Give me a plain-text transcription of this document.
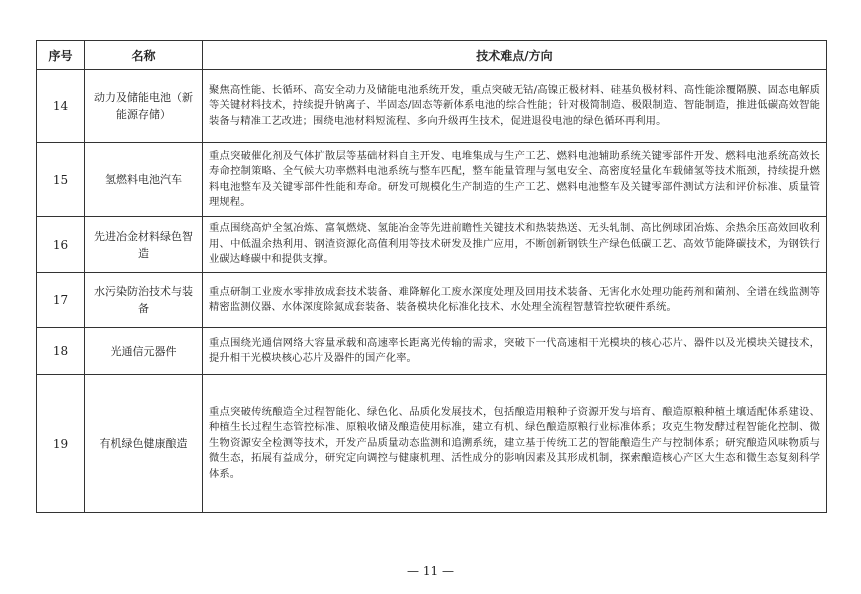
序号	名称	技术难点/方向
14	动力及储能电池（新能源存储）	聚焦高性能、长循环、高安全动力及储能电池系统开发，重点突破无钴/高镍正极材料、硅基负极材料、高性能涂覆隔膜、固态电解质等关键材料技术，持续提升钠离子、半固态/固态等新体系电池的综合性能；针对极简制造、极限制造、智能制造，推进低碳高效智能装备与精准工艺改进；围绕电池材料短流程、多向升级再生技术，促进退役电池的绿色循环再利用。
15	氢燃料电池汽车	重点突破催化剂及气体扩散层等基础材料自主开发、电堆集成与生产工艺、燃料电池辅助系统关键零部件开发、燃料电池系统高效长寿命控制策略、全气候大功率燃料电池系统与整车匹配，整车能量管理与氢电安全、高密度轻量化车载储氢等技术瓶颈，持续提升燃料电池整车及关键零部件性能和寿命。研发可规模化生产制造的生产工艺、燃料电池整车及关键零部件测试方法和评价标准、质量管理规程。
16	先进冶金材料绿色智造	重点围绕高炉全氢冶炼、富氧燃烧、氢能冶金等先进前瞻性关键技术和热装热送、无头轧制、高比例球团冶炼、余热余压高效回收利用、中低温余热利用、钢渣资源化高值利用等技术研发及推广应用，不断创新钢铁生产绿色低碳工艺、高效节能降碳技术，为钢铁行业碳达峰碳中和提供支撑。
17	水污染防治技术与装备	重点研制工业废水零排放成套技术装备、难降解化工废水深度处理及回用技术装备、无害化水处理功能药剂和菌剂、全谱在线监测等精密监测仪器、水体深度除氮成套装备、装备模块化标准化技术、水处理全流程智慧管控软硬件系统。
18	光通信元器件	重点围绕光通信网络大容量承载和高速率长距离光传输的需求，突破下一代高速相干光模块的核心芯片、器件以及光模块关键技术，提升相干光模块核心芯片及器件的国产化率。
19	有机绿色健康酿造	重点突破传统酿造全过程智能化、绿色化、品质化发展技术，包括酿造用粮种子资源开发与培育、酿造原粮种植土壤适配体系建设、种植生长过程生态管控标准、原粮收储及酿造使用标准，建立有机、绿色酿造原粮行业标准体系；攻克生物发酵过程智能化控制、微生物资源安全检测等技术，开发产品质量动态监测和追溯系统，建立基于传统工艺的智能酿造生产与控制体系；研究酿造风味物质与微生态，拓展有益成分，研究定向调控与健康机理、活性成分的影响因素及其形成机制，探索酿造核心产区大生态和微生态复刻科学体系。
— 11 —
